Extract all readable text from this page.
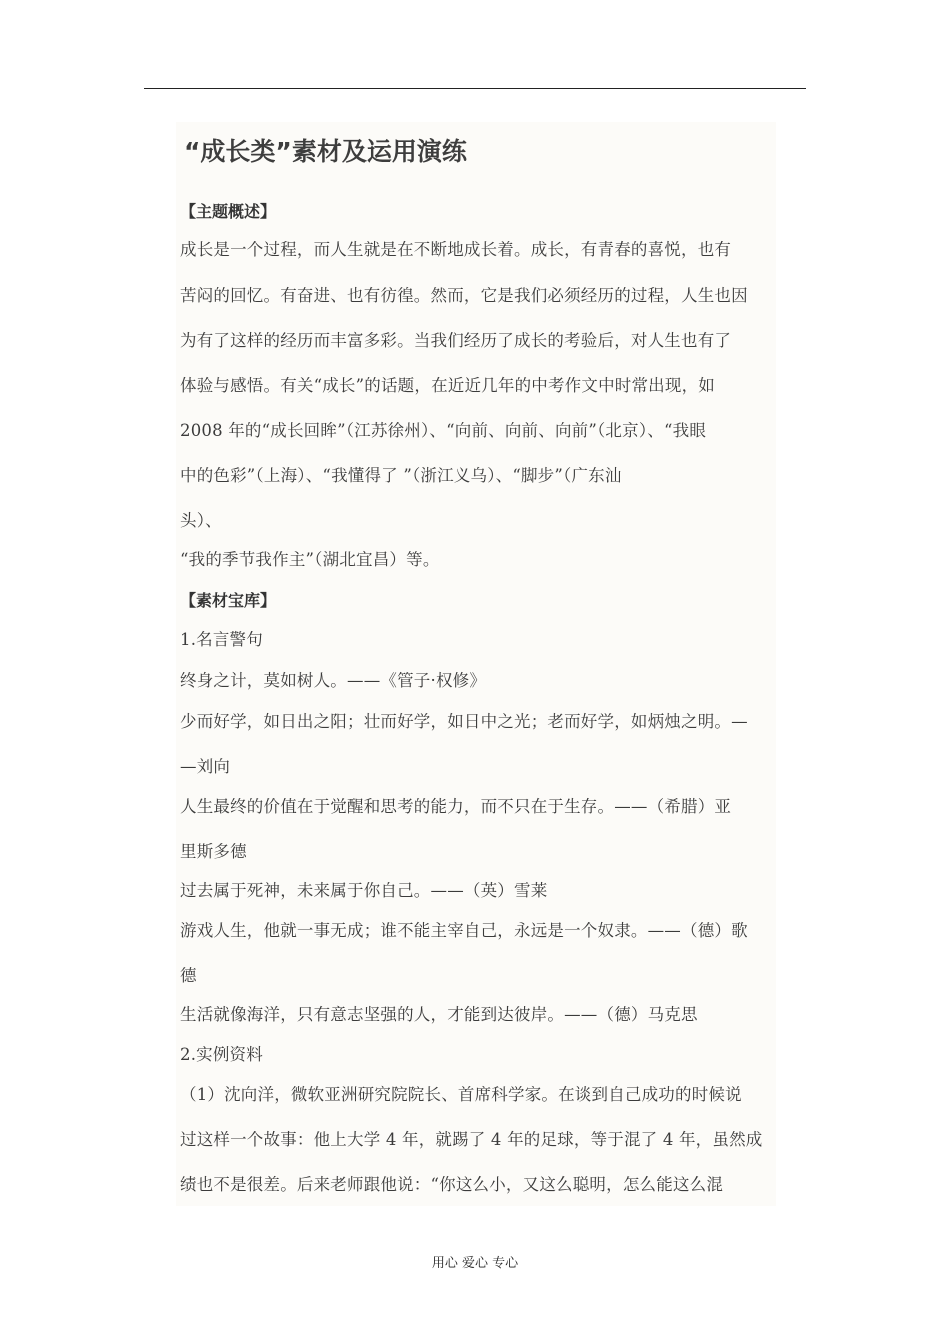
“成长类”素材及运用演练
【主题概述】
成长是一个过程，而人生就是在不断地成长着。成长，有青春的喜悦，也有
苦闷的回忆。有奋进、也有彷徨。然而，它是我们必须经历的过程，人生也因
为有了这样的经历而丰富多彩。当我们经历了成长的考验后，对人生也有了
体验与感悟。有关“成长”的话题，在近近几年的中考作文中时常出现，如
2008 年的“成长回眸”（江苏徐州）、“向前、向前、向前”（北京）、“我眼
中的色彩”（上海）、“我懂得了 ”（浙江义乌）、“脚步”（广东汕
头）、
“我的季节我作主”（湖北宜昌）等。
【素材宝库】
1.名言警句
终身之计，莫如树人。——《管子·权修》
少而好学，如日出之阳；壮而好学，如日中之光；老而好学，如炳烛之明。—
—刘向
人生最终的价值在于觉醒和思考的能力，而不只在于生存。——（希腊）亚
里斯多德
过去属于死神，未来属于你自己。——（英）雪莱
游戏人生，他就一事无成；谁不能主宰自己，永远是一个奴隶。——（德）歌
德
生活就像海洋，只有意志坚强的人，才能到达彼岸。——（德）马克思
2.实例资料
（1）沈向洋，微软亚洲研究院院长、首席科学家。在谈到自己成功的时候说
过这样一个故事：他上大学 4 年，就踢了 4 年的足球，等于混了 4 年，虽然成
绩也不是很差。后来老师跟他说：“你这么小，又这么聪明，怎么能这么混
用心 爱心 专心
